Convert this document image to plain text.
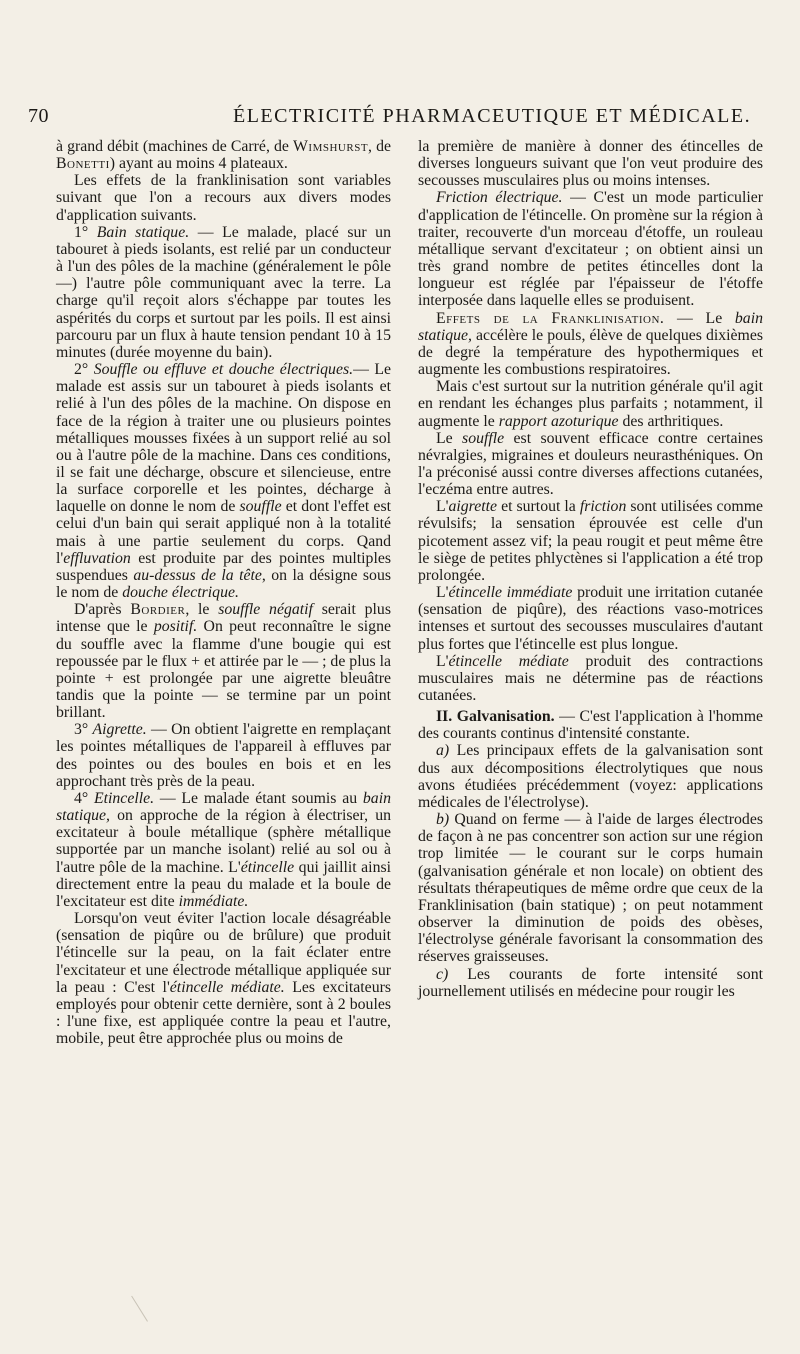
70	ÉLECTRICITÉ PHARMACEUTIQUE ET MÉDICALE.

à grand débit (machines de Carré, de Wimshurst, de Bonetti) ayant au moins 4 plateaux.

Les effets de la franklinisation sont variables suivant que l'on a recours aux divers modes d'application suivants.

1° Bain statique. — Le malade, placé sur un tabouret à pieds isolants, est relié par un conducteur à l'un des pôles de la machine (généralement le pôle —) l'autre pôle communiquant avec la terre. La charge qu'il reçoit alors s'échappe par toutes les aspérités du corps et surtout par les poils. Il est ainsi parcouru par un flux à haute tension pendant 10 à 15 minutes (durée moyenne du bain).

2° Souffle ou effluve et douche électriques.— Le malade est assis sur un tabouret à pieds isolants et relié à l'un des pôles de la machine. On dispose en face de la région à traiter une ou plusieurs pointes métalliques mousses fixées à un support relié au sol ou à l'autre pôle de la machine. Dans ces conditions, il se fait une décharge, obscure et silencieuse, entre la surface corporelle et les pointes, décharge à laquelle on donne le nom de souffle et dont l'effet est celui d'un bain qui serait appliqué non à la totalité mais à une partie seulement du corps. Qand l'effluvation est produite par des pointes multiples suspendues au-dessus de la tête, on la désigne sous le nom de douche électrique.

D'après Bordier, le souffle négatif serait plus intense que le positif. On peut reconnaître le signe du souffle avec la flamme d'une bougie qui est repoussée par le flux + et attirée par le — ; de plus la pointe + est prolongée par une aigrette bleuâtre tandis que la pointe — se termine par un point brillant.

3° Aigrette. — On obtient l'aigrette en remplaçant les pointes métalliques de l'appareil à effluves par des pointes ou des boules en bois et en les approchant très près de la peau.

4° Etincelle. — Le malade étant soumis au bain statique, on approche de la région à électriser, un excitateur à boule métallique (sphère métallique supportée par un manche isolant) relié au sol ou à l'autre pôle de la machine. L'étincelle qui jaillit ainsi directement entre la peau du malade et la boule de l'excitateur est dite immédiate.

Lorsqu'on veut éviter l'action locale désagréable (sensation de piqûre ou de brûlure) que produit l'étincelle sur la peau, on la fait éclater entre l'excitateur et une électrode métallique appliquée sur la peau : C'est l'étincelle médiate. Les excitateurs employés pour obtenir cette dernière, sont à 2 boules : l'une fixe, est appliquée contre la peau et l'autre, mobile, peut être approchée plus ou moins de

la première de manière à donner des étincelles de diverses longueurs suivant que l'on veut produire des secousses musculaires plus ou moins intenses.

Friction électrique. — C'est un mode particulier d'application de l'étincelle. On promène sur la région à traiter, recouverte d'un morceau d'étoffe, un rouleau métallique servant d'excitateur ; on obtient ainsi un très grand nombre de petites étincelles dont la longueur est réglée par l'épaisseur de l'étoffe interposée dans laquelle elles se produisent.

Effets de la Franklinisation. — Le bain statique, accélère le pouls, élève de quelques dixièmes de degré la température des hypothermiques et augmente les combustions respiratoires.

Mais c'est surtout sur la nutrition générale qu'il agit en rendant les échanges plus parfaits ; notamment, il augmente le rapport azoturique des arthritiques.

Le souffle est souvent efficace contre certaines névralgies, migraines et douleurs neurasthéniques. On l'a préconisé aussi contre diverses affections cutanées, l'eczéma entre autres.

L'aigrette et surtout la friction sont utilisées comme révulsifs; la sensation éprouvée est celle d'un picotement assez vif; la peau rougit et peut même être le siège de petites phlyctènes si l'application a été trop prolongée.

L'étincelle immédiate produit une irritation cutanée (sensation de piqûre), des réactions vaso-motrices intenses et surtout des secousses musculaires d'autant plus fortes que l'étincelle est plus longue.

L'étincelle médiate produit des contractions musculaires mais ne détermine pas de réactions cutanées.

II. Galvanisation. — C'est l'application à l'homme des courants continus d'intensité constante.

a) Les principaux effets de la galvanisation sont dus aux décompositions électrolytiques que nous avons étudiées précédemment (voyez: applications médicales de l'électrolyse).

b) Quand on ferme — à l'aide de larges électrodes de façon à ne pas concentrer son action sur une région trop limitée — le courant sur le corps humain (galvanisation générale et non locale) on obtient des résultats thérapeutiques de même ordre que ceux de la Franklinisation (bain statique) ; on peut notamment observer la diminution de poids des obèses, l'électrolyse générale favorisant la consommation des réserves graisseuses.

c) Les courants de forte intensité sont journellement utilisés en médecine pour rougir les
